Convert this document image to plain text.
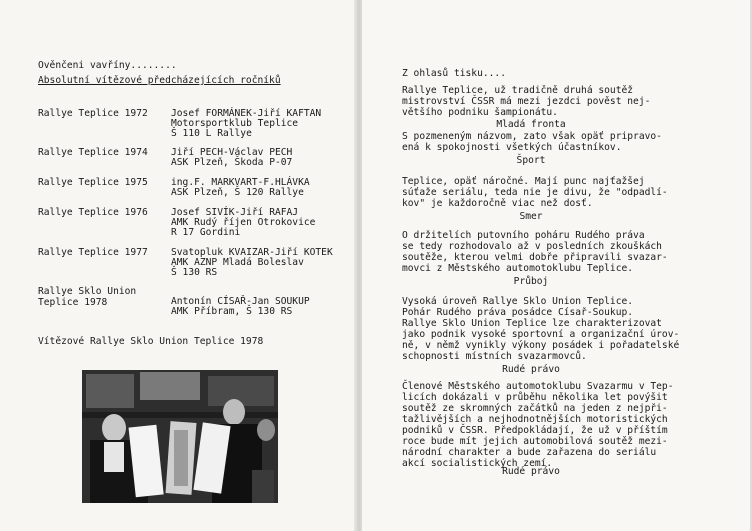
Ověnčeni vavříny........
Absolutní vítězové předcházejících ročníků
Rallye Teplice 1972 Josef FORMÁNEK-Jiří KAFTAN
Motorsportklub Teplice
Š 110 L Rallye
Rallye Teplice 1974 Jiří PECH-Václav PECH
ASK Plzeň, Škoda P-07
Rallye Teplice 1975 ing.F. MARKVART-F.HLÁVKA
ASK Plzeň, Š 120 Rallye
Rallye Teplice 1976 Josef SIVÍK-Jiří RAFAJ
AMK Rudý říjen Otrokovice
R 17 Gordini
Rallye Teplice 1977 Svatopluk KVAIZAR-Jiří KOTEK
AMK AZNP Mladá Boleslav
Š 130 RS
Rallye Sklo Union
Teplice 1978	Antonín CÍSAŘ-Jan SOUKUP
AMK Příbram, Š 130 RS
Vítězové Rallye Sklo Union Teplice 1978
Z ohlasů tisku....
Rallye Teplice, už tradičně druhá soutěž
mistrovství ČSSR má mezi jezdci pověst nej-
většího podniku šampionátu.
Mladá fronta
S pozmeneným názvom, zato však opäť pripravo-
ená k spokojnosti všetkých účastníkov.
Šport
Teplice, opäť náročné. Mají punc najťažšej
súťaže seriálu, teda nie je divu, že "odpadlí-
kov" je každoročně viac než dosť.
Smer
O držitelích putovního poháru Rudého práva
se tedy rozhodovalo až v posledních zkouškách
soutěže, kterou velmi dobře připravili svazar-
movci z Městského automotoklubu Teplice.
Průboj
Vysoká úroveň Rallye Sklo Union Teplice.
Pohár Rudého práva posádce Císař-Soukup.
Rallye Sklo Union Teplice lze charakterizovat
jako podnik vysoké sportovní a organizační úrov-
ně, v němž vynikly výkony posádek i pořadatelské
schopnosti místních svazarmovců.
Rudé právo
Členové Městského automotoklubu Svazarmu v Tep-
licích dokázali v průběhu několika let povýšit
soutěž ze skromných začátků na jeden z nejpři-
tažlivějších a nejhodnotnějších motoristických
podniků v ČSSR. Předpokládají, že už v příštím
roce bude mít jejich automobilová soutěž mezi-
národní charakter a bude zařazena do seriálu
akcí socialistických zemí.
Rudé právo
